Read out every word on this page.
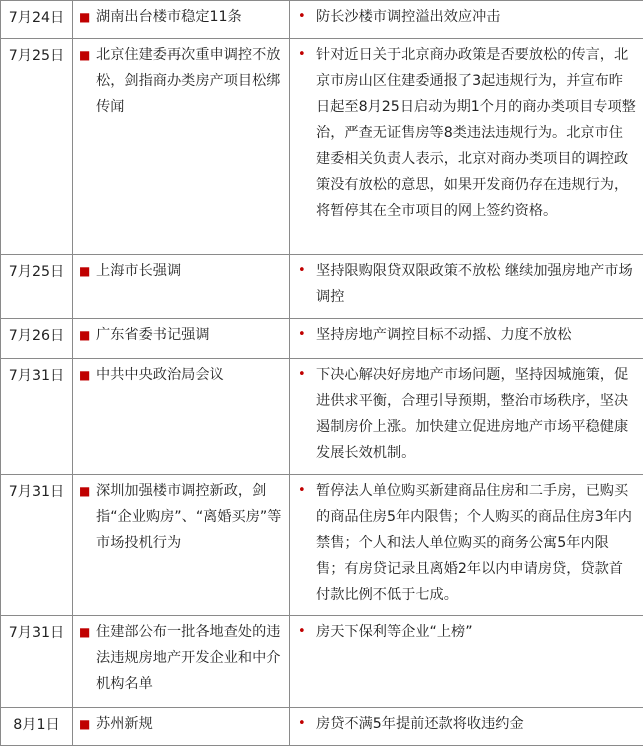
7月24日	■ 湖南出台楼市稳定11条	• 防长沙楼市调控溢出效应冲击

7月25日	■ 北京住建委再次重申调控不放松，剑指商办类房产项目松绑传闻	• 针对近日关于北京商办政策是否要放松的传言，北京市房山区住建委通报了3起违规行为，并宣布昨日起至8月25日启动为期1个月的商办类项目专项整治，严查无证售房等8类违法违规行为。北京市住建委相关负责人表示，北京对商办类项目的调控政策没有放松的意思，如果开发商仍存在违规行为，将暂停其在全市项目的网上签约资格。

7月25日	■ 上海市长强调	• 坚持限购限贷双限政策不放松 继续加强房地产市场调控

7月26日	■ 广东省委书记强调	• 坚持房地产调控目标不动摇、力度不放松

7月31日	■ 中共中央政治局会议	• 下决心解决好房地产市场问题，坚持因城施策，促进供求平衡，合理引导预期，整治市场秩序，坚决遏制房价上涨。加快建立促进房地产市场平稳健康发展长效机制。

7月31日	■ 深圳加强楼市调控新政，剑指“企业购房”、“离婚买房”等市场投机行为	• 暂停法人单位购买新建商品住房和二手房，已购买的商品住房5年内限售；个人购买的商品住房3年内禁售；个人和法人单位购买的商务公寓5年内限售；有房贷记录且离婚2年以内申请房贷，贷款首付款比例不低于七成。

7月31日	■ 住建部公布一批各地查处的违法违规房地产开发企业和中介机构名单	• 房天下保利等企业“上榜”

8月1日	■ 苏州新规	• 房贷不满5年提前还款将收违约金
